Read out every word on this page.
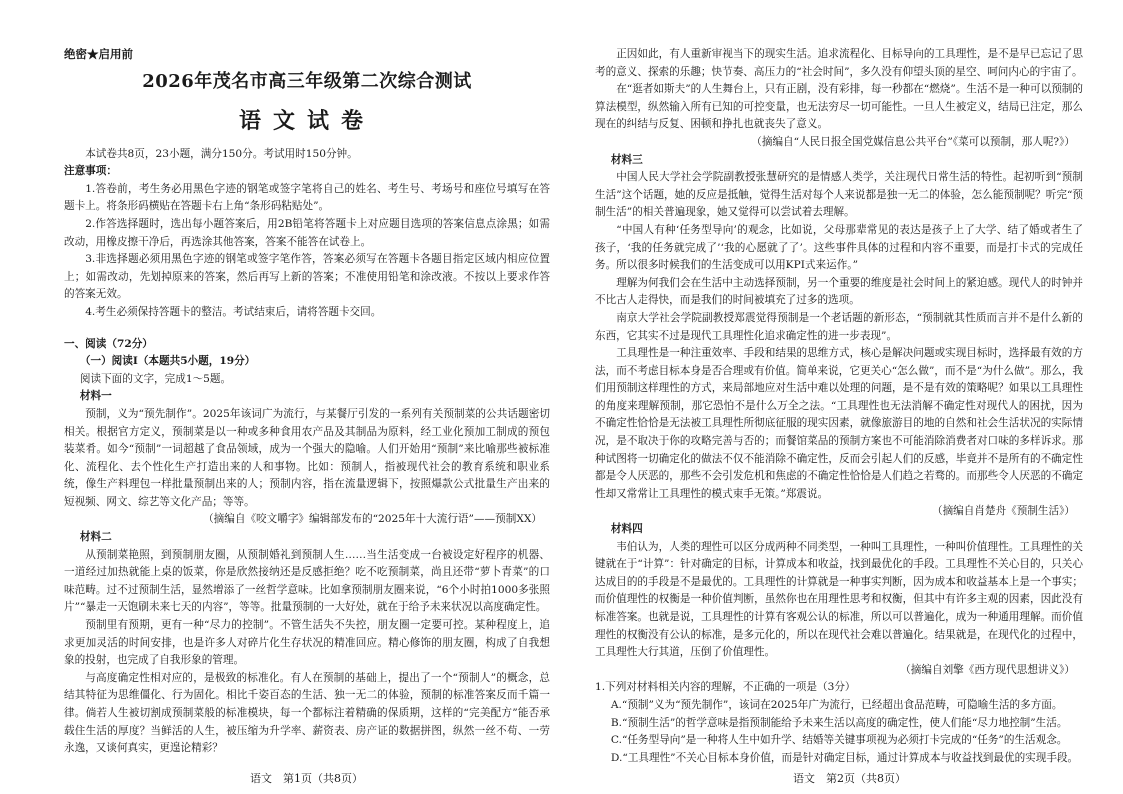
绝密★启用前

2026年茂名市高三年级第二次综合测试

语文试卷

本试卷共8页，23小题，满分150分。考试用时150分钟。

注意事项：

1.答卷前，考生务必用黑色字迹的钢笔或签字笔将自己的姓名、考生号、考场号和座位号填写在答题卡上。将条形码横贴在答题卡右上角“条形码粘贴处”。

2.作答选择题时，选出每小题答案后，用2B铅笔将答题卡上对应题目选项的答案信息点涂黑；如需改动，用橡皮擦干净后，再选涂其他答案，答案不能答在试卷上。

3.非选择题必须用黑色字迹的钢笔或签字笔作答，答案必须写在答题卡各题目指定区域内相应位置上；如需改动，先划掉原来的答案，然后再写上新的答案；不准使用铅笔和涂改液。不按以上要求作答的答案无效。

4.考生必须保持答题卡的整洁。考试结束后，请将答题卡交回。

一、阅读（72分）

（一）阅读Ⅰ（本题共5小题，19分）

阅读下面的文字，完成1～5题。

材料一

预制，义为“预先制作”。2025年该词广为流行，与某餐厅引发的一系列有关预制菜的公共话题密切相关。根据官方定义，预制菜是以一种或多种食用农产品及其制品为原料，经工业化预加工制成的预包装菜肴。如今“预制”一词超越了食品领域，成为一个强大的隐喻。人们开始用“预制”来比喻那些被标准化、流程化、去个性化生产打造出来的人和事物。比如：预制人，指被现代社会的教育系统和职业系统，像生产料理包一样批量预制出来的人；预制内容，指在流量逻辑下，按照爆款公式批量生产出来的短视频、网文、综艺等文化产品；等等。

（摘编自《咬文嚼字》编辑部发布的“2025年十大流行语”——预制XX）

材料二

从预制菜艳照，到预制朋友圈，从预制婚礼到预制人生……当生活变成一台被设定好程序的机器、一道经过加热就能上桌的饭菜，你是欣然接纳还是反感拒绝？吃不吃预制菜，尚且还带“萝卜青菜”的口味范畴。过不过预制生活，显然增添了一丝哲学意味。比如拿预制朋友圈来说，“6个小时拍1000多张照片”“暴走一天饱刷未来七天的内容”，等等。批量预制的一大好处，就在于给予未来状况以高度确定性。

预制里有预期，更有一种“尽力的控制”。不管生活失不失控，朋友圈一定要可控。某种程度上，追求更加灵活的时间安排，也是许多人对碎片化生存状况的精准回应。精心修饰的朋友圈，构成了自我想象的投射，也完成了自我形象的管理。

与高度确定性相对应的，是极致的标准化。有人在预制的基础上，提出了一个“预制人”的概念，总结其特征为思维僵化、行为固化。相比千姿百态的生活、独一无二的体验，预制的标准答案反而千篇一律。倘若人生被切割成预制菜般的标准模块，每一个都标注着精确的保质期，这样的“完美配方”能否承载住生活的厚度？当鲜活的人生，被压缩为升学率、薪资表、房产证的数据拼图，纵然一丝不苟、一劳永逸，又谈何真实，更遑论精彩？

正因如此，有人重新审视当下的现实生活。追求流程化、目标导向的工具理性，是不是早已忘记了思考的意义、探索的乐趣；快节奏、高压力的“社会时间”，多久没有仰望头顶的星空、呵问内心的宇宙了。

在“逛者如斯夫”的人生舞台上，只有正剧，没有彩排，每一秒都在“燃烧”。生活不是一种可以预制的算法模型，纵然输入所有已知的可控变量，也无法穷尽一切可能性。一旦人生被定义，结局已注定，那么现在的纠结与反复、困顿和挣扎也就丧失了意义。

（摘编自“人民日报全国党媒信息公共平台”《菜可以预制，那人呢?》）

材料三

中国人民大学社会学院副教授张慧研究的是情感人类学，关注现代日常生活的特性。起初听到“预制生活”这个话题，她的反应是抵触，觉得生活对每个人来说都是独一无二的体验，怎么能预制呢？听完“预制生活”的相关普遍现象，她又觉得可以尝试着去理解。

“中国人有种‘任务型导向’的观念，比如说，父母那辈常见的表达是孩子上了大学、结了婚或者生了孩子，‘我的任务就完成了’‘我的心愿就了了’。这些事件具体的过程和内容不重要，而是打卡式的完成任务。所以很多时候我们的生活变成可以用KPI式来运作。”

理解为何我们会在生活中主动选择预制，另一个重要的维度是社会时间上的紧迫感。现代人的时钟并不比古人走得快，而是我们的时间被填充了过多的选项。

南京大学社会学院副教授郑震觉得预制是一个老话题的新形态，“预制就其性质而言并不是什么新的东西，它其实不过是现代工具理性化追求确定性的进一步表现”。

工具理性是一种注重效率、手段和结果的思维方式，核心是解决问题或实现目标时，选择最有效的方法，而不考虑目标本身是否合理或有价值。简单来说，它更关心“怎么做”，而不是“为什么做”。那么，我们用预制这样理性的方式，来局部地应对生活中难以处理的问题，是不是有效的策略呢？如果以工具理性的角度来理解预制，那它恐怕不是什么万全之法。“工具理性也无法消解不确定性对现代人的困扰，因为不确定性恰恰是无法被工具理性所彻底征服的现实因素，就像旅游目的地的自然和社会生活状况的实际情况，是不取决于你的攻略完善与否的；而餐馆菜品的预制方案也不可能消除消费者对口味的多样诉求。那种试图将一切确定化的做法不仅不能消除不确定性，反而会引起人们的反感，毕竟并不是所有的不确定性都是令人厌恶的，那些不会引发危机和焦虑的不确定性恰恰是人们趋之若骛的。而那些令人厌恶的不确定性却又常常让工具理性的模式束手无策。”郑震说。

（摘编自肖楚舟《预制生活》）

材料四

韦伯认为，人类的理性可以区分成两种不同类型，一种叫工具理性，一种叫价值理性。工具理性的关键就在于“计算”：针对确定的目标，计算成本和收益，找到最优化的手段。工具理性不关心目的，只关心达成目的的手段是不是最优的。工具理性的计算就是一种事实判断，因为成本和收益基本上是一个事实；而价值理性的权衡是一种价值判断，虽然你也在用理性思考和权衡，但其中有许多主观的因素，因此没有标准答案。也就是说，工具理性的计算有客观公认的标准，所以可以普遍化，成为一种通用理解。而价值理性的权衡没有公认的标准，是多元化的，所以在现代社会难以普遍化。结果就是，在现代化的过程中，工具理性大行其道，压倒了价值理性。

（摘编自刘擎《西方现代思想讲义》）

1.下列对材料相关内容的理解，不正确的一项是（3分）

A.“预制”义为“预先制作”，该词在2025年广为流行，已经超出食品范畴，可隐喻生活的多方面。

B.“预制生活”的哲学意味是指预制能给予未来生活以高度的确定性，使人们能“尽力地控制”生活。

C.“任务型导向”是一种将人生中如升学、结婚等关键事项视为必须打卡完成的“任务”的生活观念。

D.“工具理性”不关心目标本身价值，而是针对确定目标，通过计算成本与收益找到最优的实现手段。

语文　第1页（共8页）	语文　第2页（共8页）
